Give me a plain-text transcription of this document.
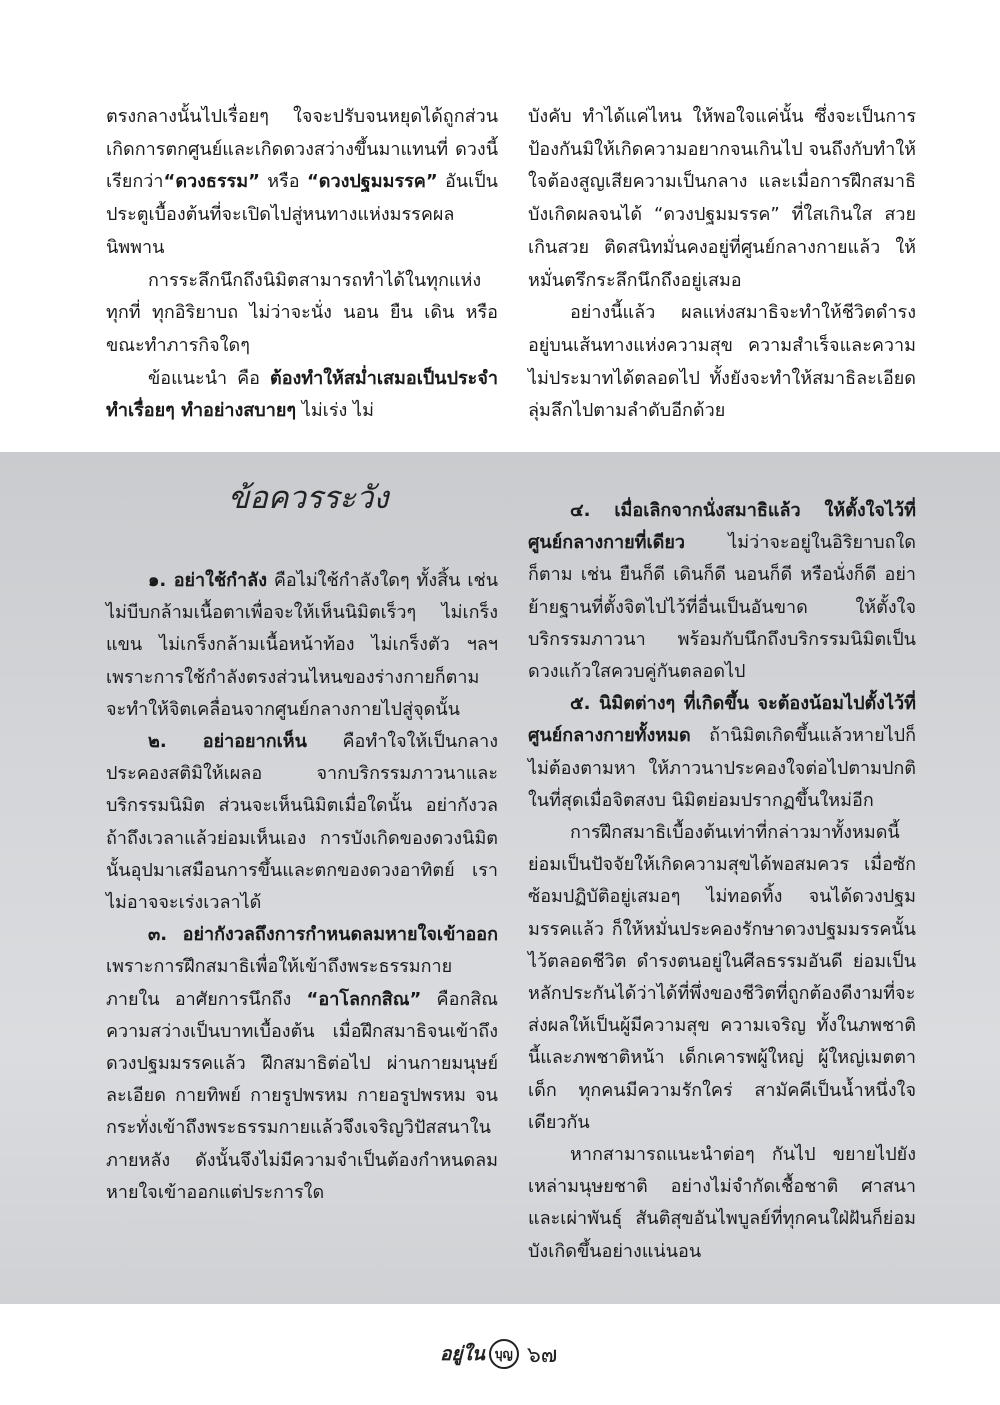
ตรงกลางนั้นไปเรื่อยๆ ใจจะปรับจนหยุดได้ถูกส่วน เกิดการตกศูนย์และเกิดดวงสว่างขึ้นมาแทนที่ ดวงนี้เรียกว่า“ดวงธรรม” หรือ “ดวงปฐมมรรค” อันเป็นประตูเบื้องต้นที่จะเปิดไปสู่หนทางแห่งมรรคผลนิพพาน

การระลึกนึกถึงนิมิตสามารถทำได้ในทุกแห่ง ทุกที่ ทุกอิริยาบถ ไม่ว่าจะนั่ง นอน ยืน เดิน หรือขณะทำภารกิจใดๆ

ข้อแนะนำ คือ ต้องทำให้สม่ำเสมอเป็นประจำ ทำเรื่อยๆ ทำอย่างสบายๆ ไม่เร่ง ไม่

บังคับ ทำได้แค่ไหน ให้พอใจแค่นั้น ซึ่งจะเป็นการป้องกันมิให้เกิดความอยากจนเกินไป จนถึงกับทำให้ใจต้องสูญเสียความเป็นกลาง และเมื่อการฝึกสมาธิบังเกิดผลจนได้ “ดวงปฐมมรรค” ที่ใสเกินใส สวยเกินสวย ติดสนิทมั่นคงอยู่ที่ศูนย์กลางกายแล้ว ให้หมั่นตรึกระลึกนึกถึงอยู่เสมอ

อย่างนี้แล้ว ผลแห่งสมาธิจะทำให้ชีวิตดำรงอยู่บนเส้นทางแห่งความสุข ความสำเร็จและความไม่ประมาทได้ตลอดไป ทั้งยังจะทำให้สมาธิละเอียดลุ่มลึกไปตามลำดับอีกด้วย

ข้อควรระวัง

๑. อย่าใช้กำลัง คือไม่ใช้กำลังใดๆ ทั้งสิ้น เช่น ไม่บีบกล้ามเนื้อตาเพื่อจะให้เห็นนิมิตเร็วๆ ไม่เกร็งแขน ไม่เกร็งกล้ามเนื้อหน้าท้อง ไม่เกร็งตัว ฯลฯ เพราะการใช้กำลังตรงส่วนไหนของร่างกายก็ตาม จะทำให้จิตเคลื่อนจากศูนย์กลางกายไปสู่จุดนั้น

๒. อย่าอยากเห็น คือทำใจให้เป็นกลาง ประคองสติมิให้เผลอ จากบริกรรมภาวนาและบริกรรมนิมิต ส่วนจะเห็นนิมิตเมื่อใดนั้น อย่ากังวล ถ้าถึงเวลาแล้วย่อมเห็นเอง การบังเกิดของดวงนิมิตนั้นอุปมาเสมือนการขึ้นและตกของดวงอาทิตย์ เราไม่อาจจะเร่งเวลาได้

๓. อย่ากังวลถึงการกำหนดลมหายใจเข้าออก เพราะการฝึกสมาธิเพื่อให้เข้าถึงพระธรรมกายภายใน อาศัยการนึกถึง “อาโลกกสิณ” คือกสิณความสว่างเป็นบาทเบื้องต้น เมื่อฝึกสมาธิจนเข้าถึงดวงปฐมมรรคแล้ว ฝึกสมาธิต่อไป ผ่านกายมนุษย์ละเอียด กายทิพย์ กายรูปพรหม กายอรูปพรหม จนกระทั่งเข้าถึงพระธรรมกายแล้วจึงเจริญวิปัสสนาในภายหลัง ดังนั้นจึงไม่มีความจำเป็นต้องกำหนดลมหายใจเข้าออกแต่ประการใด

๔. เมื่อเลิกจากนั่งสมาธิแล้ว ให้ตั้งใจไว้ที่ศูนย์กลางกายที่เดียว ไม่ว่าจะอยู่ในอิริยาบถใดก็ตาม เช่น ยืนก็ดี เดินก็ดี นอนก็ดี หรือนั่งก็ดี อย่าย้ายฐานที่ตั้งจิตไปไว้ที่อื่นเป็นอันขาด ให้ตั้งใจบริกรรมภาวนา พร้อมกับนึกถึงบริกรรมนิมิตเป็นดวงแก้วใสควบคู่กันตลอดไป

๕. นิมิตต่างๆ ที่เกิดขึ้น จะต้องน้อมไปตั้งไว้ที่ศูนย์กลางกายทั้งหมด ถ้านิมิตเกิดขึ้นแล้วหายไปก็ไม่ต้องตามหา ให้ภาวนาประคองใจต่อไปตามปกติในที่สุดเมื่อจิตสงบ นิมิตย่อมปรากฏขึ้นใหม่อีก

การฝึกสมาธิเบื้องต้นเท่าที่กล่าวมาทั้งหมดนี้ ย่อมเป็นปัจจัยให้เกิดความสุขได้พอสมควร เมื่อซักซ้อมปฏิบัติอยู่เสมอๆ ไม่ทอดทิ้ง จนได้ดวงปฐมมรรคแล้ว ก็ให้หมั่นประคองรักษาดวงปฐมมรรคนั้นไว้ตลอดชีวิต ดำรงตนอยู่ในศีลธรรมอันดี ย่อมเป็นหลักประกันได้ว่าได้ที่พึ่งของชีวิตที่ถูกต้องดีงามที่จะส่งผลให้เป็นผู้มีความสุข ความเจริญ ทั้งในภพชาตินี้และภพชาติหน้า เด็กเคารพผู้ใหญ่ ผู้ใหญ่เมตตาเด็ก ทุกคนมีความรักใคร่ สามัคคีเป็นน้ำหนึ่งใจเดียวกัน

หากสามารถแนะนำต่อๆ กันไป ขยายไปยังเหล่ามนุษยชาติ อย่างไม่จำกัดเชื้อชาติ ศาสนา และเผ่าพันธุ์ สันติสุขอันไพบูลย์ที่ทุกคนใฝ่ฝันก็ย่อมบังเกิดขึ้นอย่างแน่นอน

อยู่ใน บุญ ๖๗
